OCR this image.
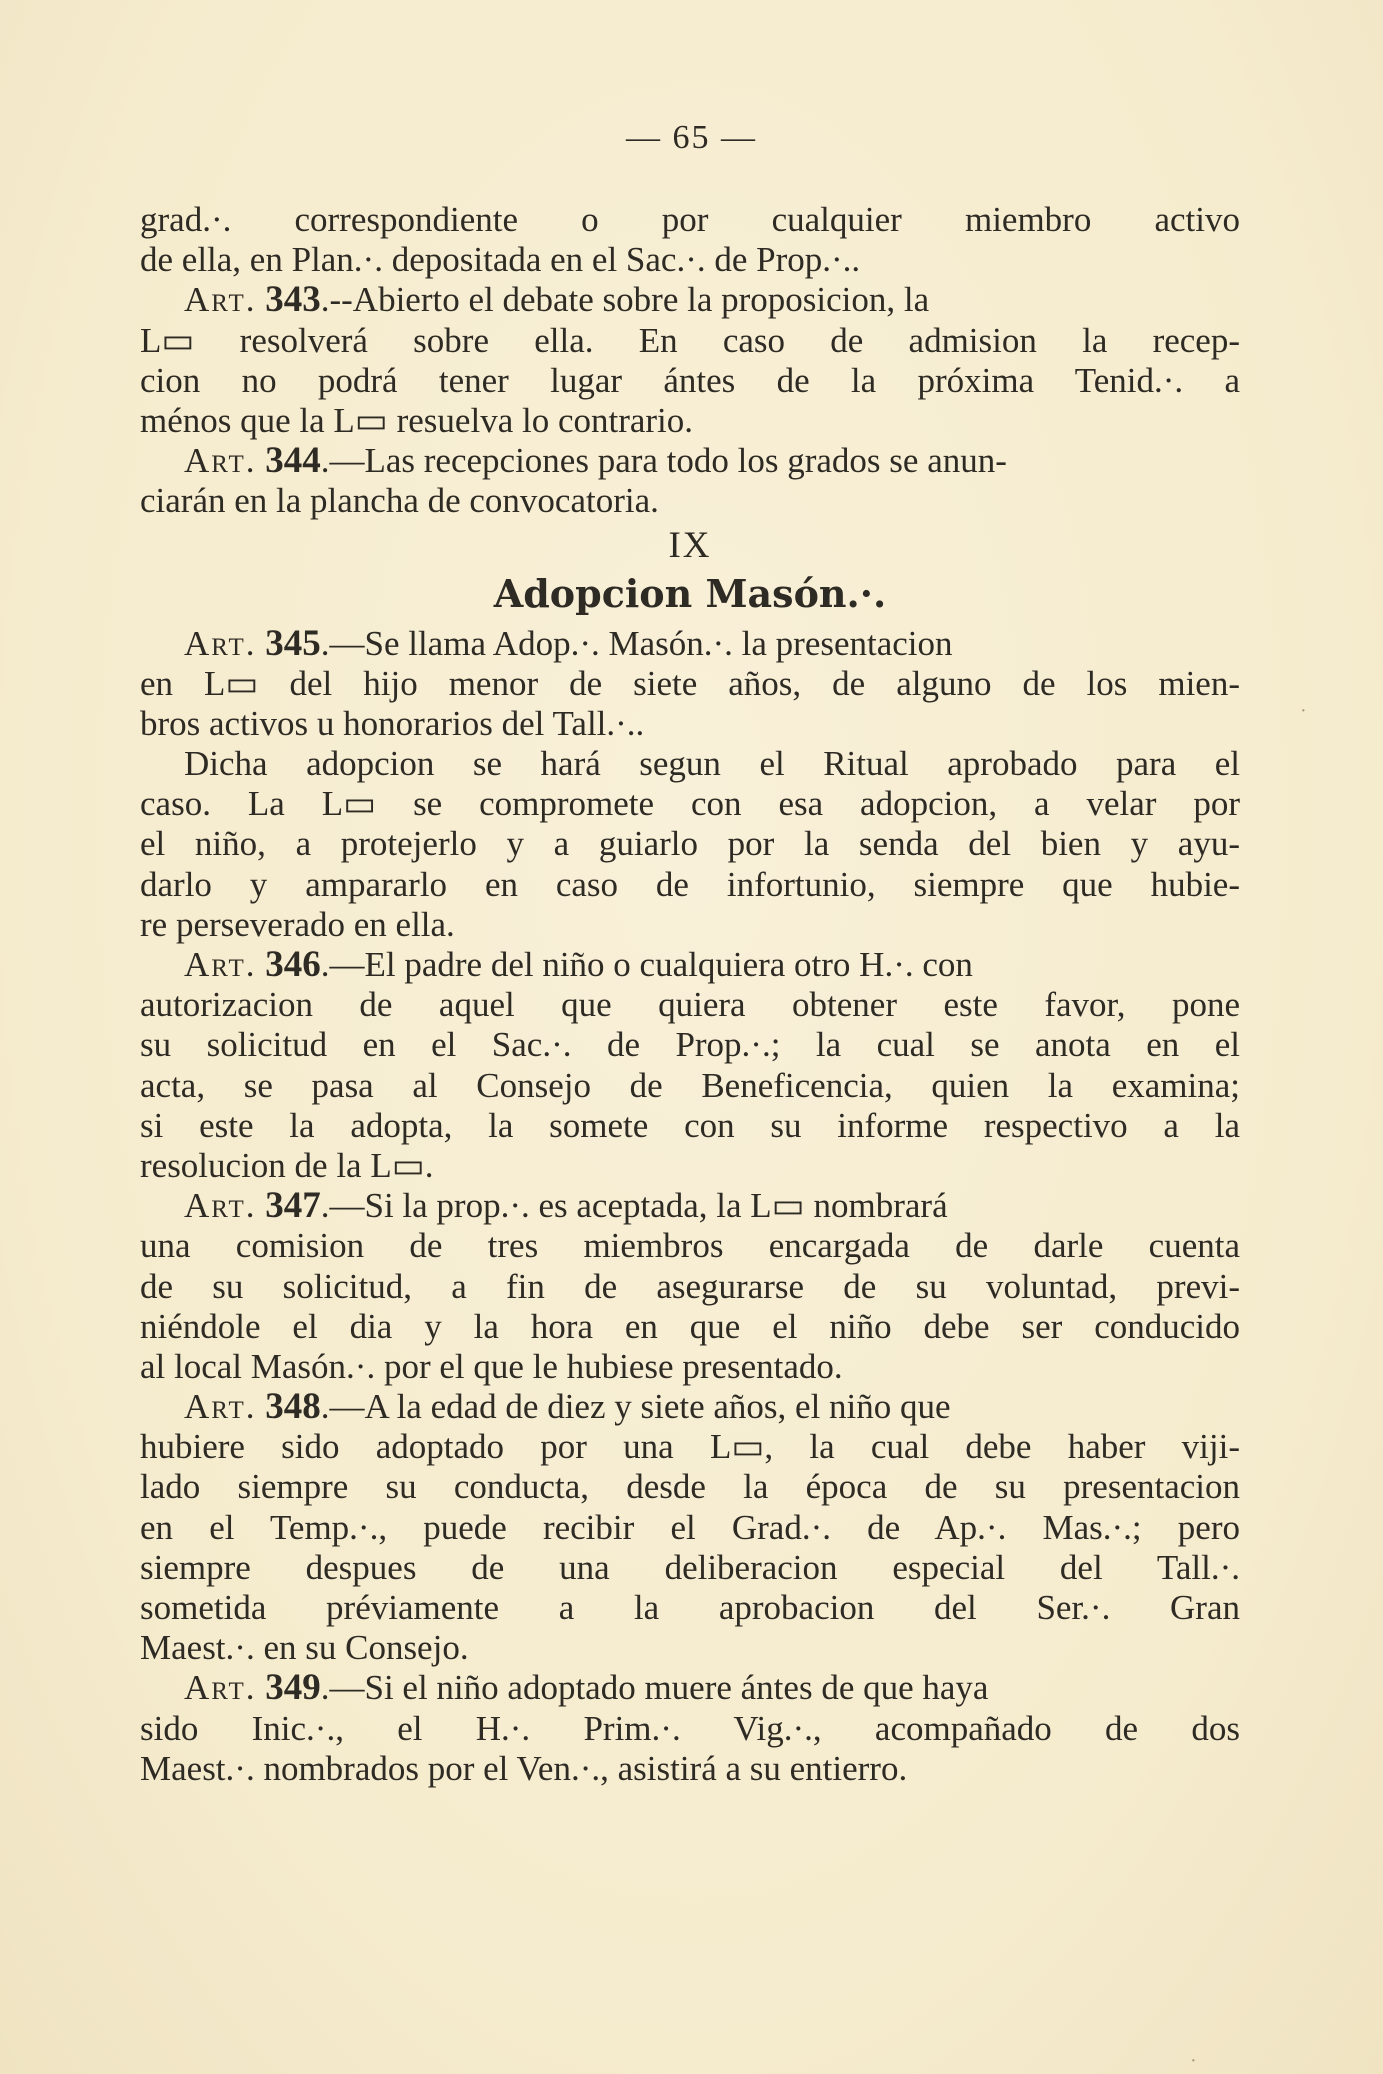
— 65 —
grad.·. correspondiente o por cualquier miembro activo
de ella, en Plan.·. depositada en el Sac.·. de Prop.·..
Art. 343.--Abierto el debate sobre la proposicion, la
L▭ resolverá sobre ella. En caso de admision la recep-
cion no podrá tener lugar ántes de la próxima Tenid.·. a
ménos que la L▭ resuelva lo contrario.
Art. 344.—Las recepciones para todo los grados se anun-
ciarán en la plancha de convocatoria.
IX
Adopcion Masón.·.
Art. 345.—Se llama Adop.·. Masón.·. la presentacion
en L▭ del hijo menor de siete años, de alguno de los mien-
bros activos u honorarios del Tall.·..
Dicha adopcion se hará segun el Ritual aprobado para el
caso. La L▭ se compromete con esa adopcion, a velar por
el niño, a protejerlo y a guiarlo por la senda del bien y ayu-
darlo y ampararlo en caso de infortunio, siempre que hubie-
re perseverado en ella.
Art. 346.—El padre del niño o cualquiera otro H.·. con
autorizacion de aquel que quiera obtener este favor, pone
su solicitud en el Sac.·. de Prop.·.; la cual se anota en el
acta, se pasa al Consejo de Beneficencia, quien la examina;
si este la adopta, la somete con su informe respectivo a la
resolucion de la L▭.
Art. 347.—Si la prop.·. es aceptada, la L▭ nombrará
una comision de tres miembros encargada de darle cuenta
de su solicitud, a fin de asegurarse de su voluntad, previ-
niéndole el dia y la hora en que el niño debe ser conducido
al local Masón.·. por el que le hubiese presentado.
Art. 348.—A la edad de diez y siete años, el niño que
hubiere sido adoptado por una L▭, la cual debe haber viji-
lado siempre su conducta, desde la época de su presentacion
en el Temp.·., puede recibir el Grad.·. de Ap.·. Mas.·.; pero
siempre despues de una deliberacion especial del Tall.·.
sometida préviamente a la aprobacion del Ser.·. Gran
Maest.·. en su Consejo.
Art. 349.—Si el niño adoptado muere ántes de que haya
sido Inic.·., el H.·. Prim.·. Vig.·., acompañado de dos
Maest.·. nombrados por el Ven.·., asistirá a su entierro.
·
·
